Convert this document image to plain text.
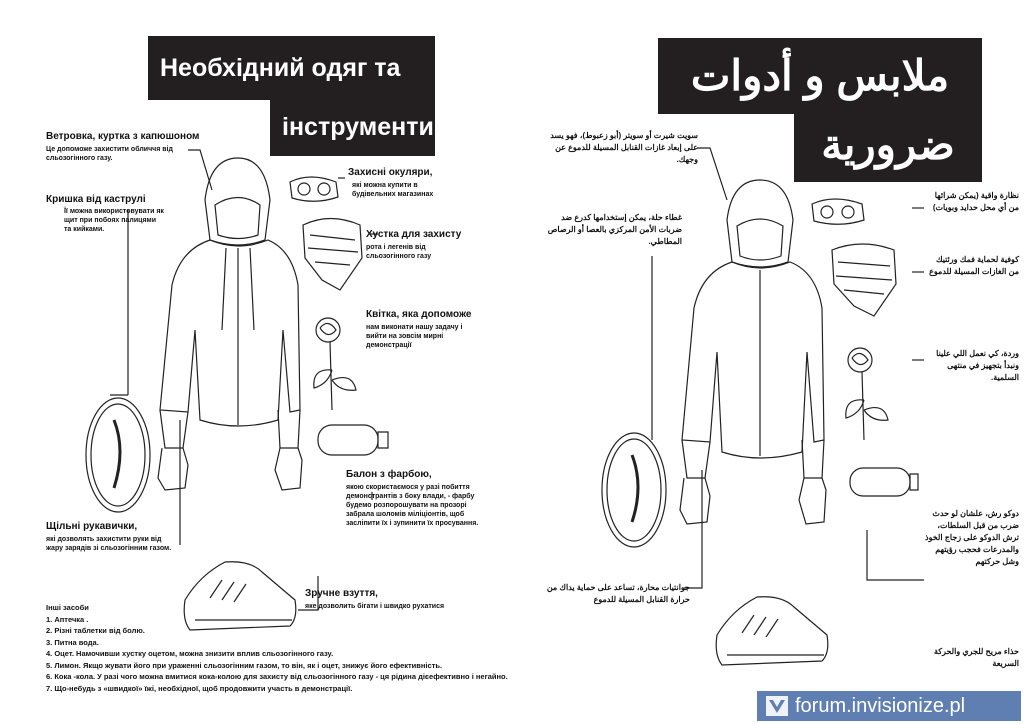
Необхідний одяг та
інструменти
Ветровка, куртка з капюшоном
Це допоможе захистити обличчя від сльозогінного газу.
Кришка від каструлі
Її можна використовувати як щит при побоях палицями та кийками.
Захисні окуляри,
які можна купити в будівельних магазинах
Хустка для захисту
рота і легенів від сльозогінного газу
Квітка, яка допоможе
нам виконати нашу задачу і вийти на зовсім мирні демонстрації
Балон з фарбою,
якою скористаємося у разі побиття демонстрантів з боку влади, - фарбу будемо розпорошувати на прозорі забрала шоломів міліціонтів, щоб засліпити їх і зупинити їх просування.
Щільні рукавички,
які дозволять захистити руки від жару зарядів зі сльозогінним газом.
Зручне взуття,
яке дозволить бігати і швидко рухатися
Інші засоби
1. Аптечка .
2. Різні таблетки від болю.
3. Питна вода.
4. Оцет. Намочивши хустку оцетом, можна знизити вплив сльозогінного газу.
5. Лимон. Якщо жувати його при ураженні сльозогінним газом, то він, як і оцет, знижує його ефективність.
6. Кока -кола. У разі чого можна вмитися кока-колою для захисту від сльозогінного газу - ця рідина дієефективно і негайно.
7. Що-небудь з «швидкої» їжі, необхідної, щоб продовжити участь в демонстрації.
ملابس و أدوات
ضرورية
سويت شيرت أو سويتر (أبو زعبوط)، فهو يسد على إبعاد غازات القنابل المسيلة للدموع عن وجهك.
غطاء حلة، يمكن إستخدامها كدرع ضد ضربات الأمن المركزي بالعصا أو الرصاص المطاطي.
نظارة واقية (يمكن شرائها من أي محل حدايد وبويات)
كوفية لحماية فمك ورئتيك من الغازات المسيلة للدموع
وردة، كي نعمل اللي علينا ونبدأ بتجهيز في منتهى السلمية.
دوكو رش، علشان لو حدث ضرب من قبل السلطات، ترش الدوكو على زجاج الخوذ والمدرعات فحجب رؤيتهم وشل حركتهم
جوانتيات محارة، تساعد على حماية يداك من حرارة القنابل المسيلة للدموع
حذاء مريح للجري والحركة السريعة
forum.invisionize.pl
